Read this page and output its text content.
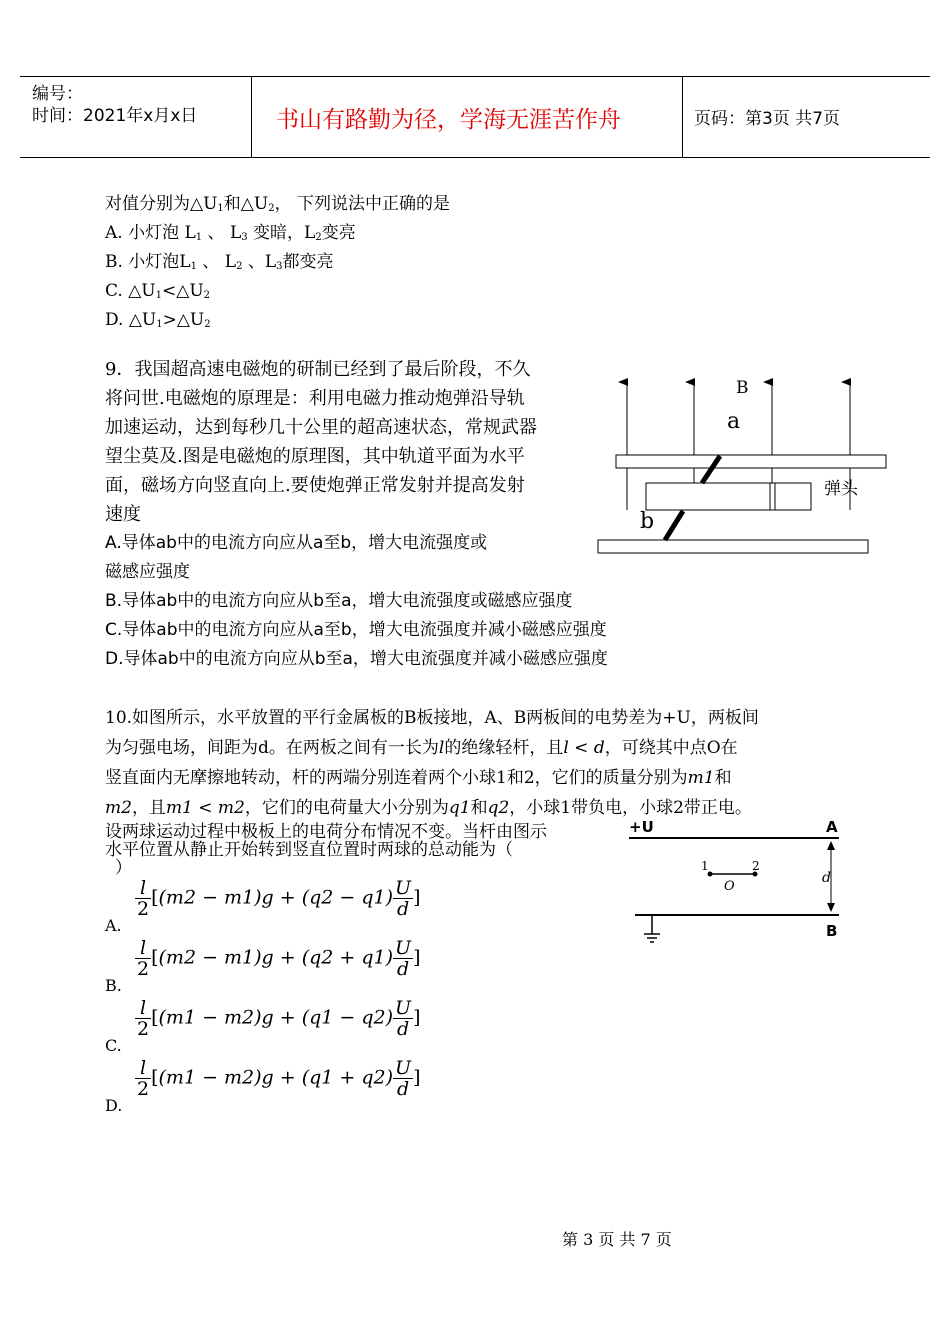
编号：
时间：2021年x月x日	书山有路勤为径，学海无涯苦作舟	页码：第3页 共7页
对值分别为$\triangle U_1$和$\triangle U_2$， 下列说法中正确的是
A. 小灯泡 $L_1$ 、 $L_3$ 变暗，$L_2$变亮
B. 小灯泡$L_1$ 、 $L_2$ 、$L_3$都变亮
C. $\triangle U_1<\triangle U_2$
D. $\triangle U_1>\triangle U_2$
9．我国超高速电磁炮的研制已经到了最后阶段，不久
将问世.电磁炮的原理是：利用电磁力推动炮弹沿导轨
加速运动，达到每秒几十公里的超高速状态，常规武器
望尘莫及.图是电磁炮的原理图，其中轨道平面为水平
面，磁场方向竖直向上.要使炮弹正常发射并提高发射
速度
A.导体ab中的电流方向应从a至b，增大电流强度或
磁感应强度
B.导体ab中的电流方向应从b至a，增大电流强度或磁感应强度
C.导体ab中的电流方向应从a至b，增大电流强度并减小磁感应强度
D.导体ab中的电流方向应从b至a，增大电流强度并减小磁感应强度
B
a
b
弹头
10.如图所示，水平放置的平行金属板的B板接地，A、B两板间的电势差为+U，两板间
为匀强电场，间距为d。在两板之间有一长为l的绝缘轻杆，且l < d，可绕其中点O在
竖直面内无摩擦地转动，杆的两端分别连着两个小球1和2，它们的质量分别为m1和
m2，且m1 < m2，它们的电荷量大小分别为q1和q2，小球1带负电，小球2带正电。
设两球运动过程中极板上的电荷分布情况不变。当杆由图示
水平位置从静止开始转到竖直位置时两球的总动能为（
）
A.
$\frac{l}{2} [(m2 - m1)g + (q2 - q1) \frac{U}{d}$ ]
B.
$\frac{l}{2} [(m2 - m1)g + (q2 + q1) \frac{U}{d}$ ]
C.
$\frac{l}{2} [(m1 - m2)g + (q1 - q2) \frac{U}{d}$ ]
D.
$\frac{l}{2} [(m1 - m2)g + (q1 + q2) \frac{U}{d}$ ]
+U	A
B
1	2
O
d
第 3 页 共 7 页
